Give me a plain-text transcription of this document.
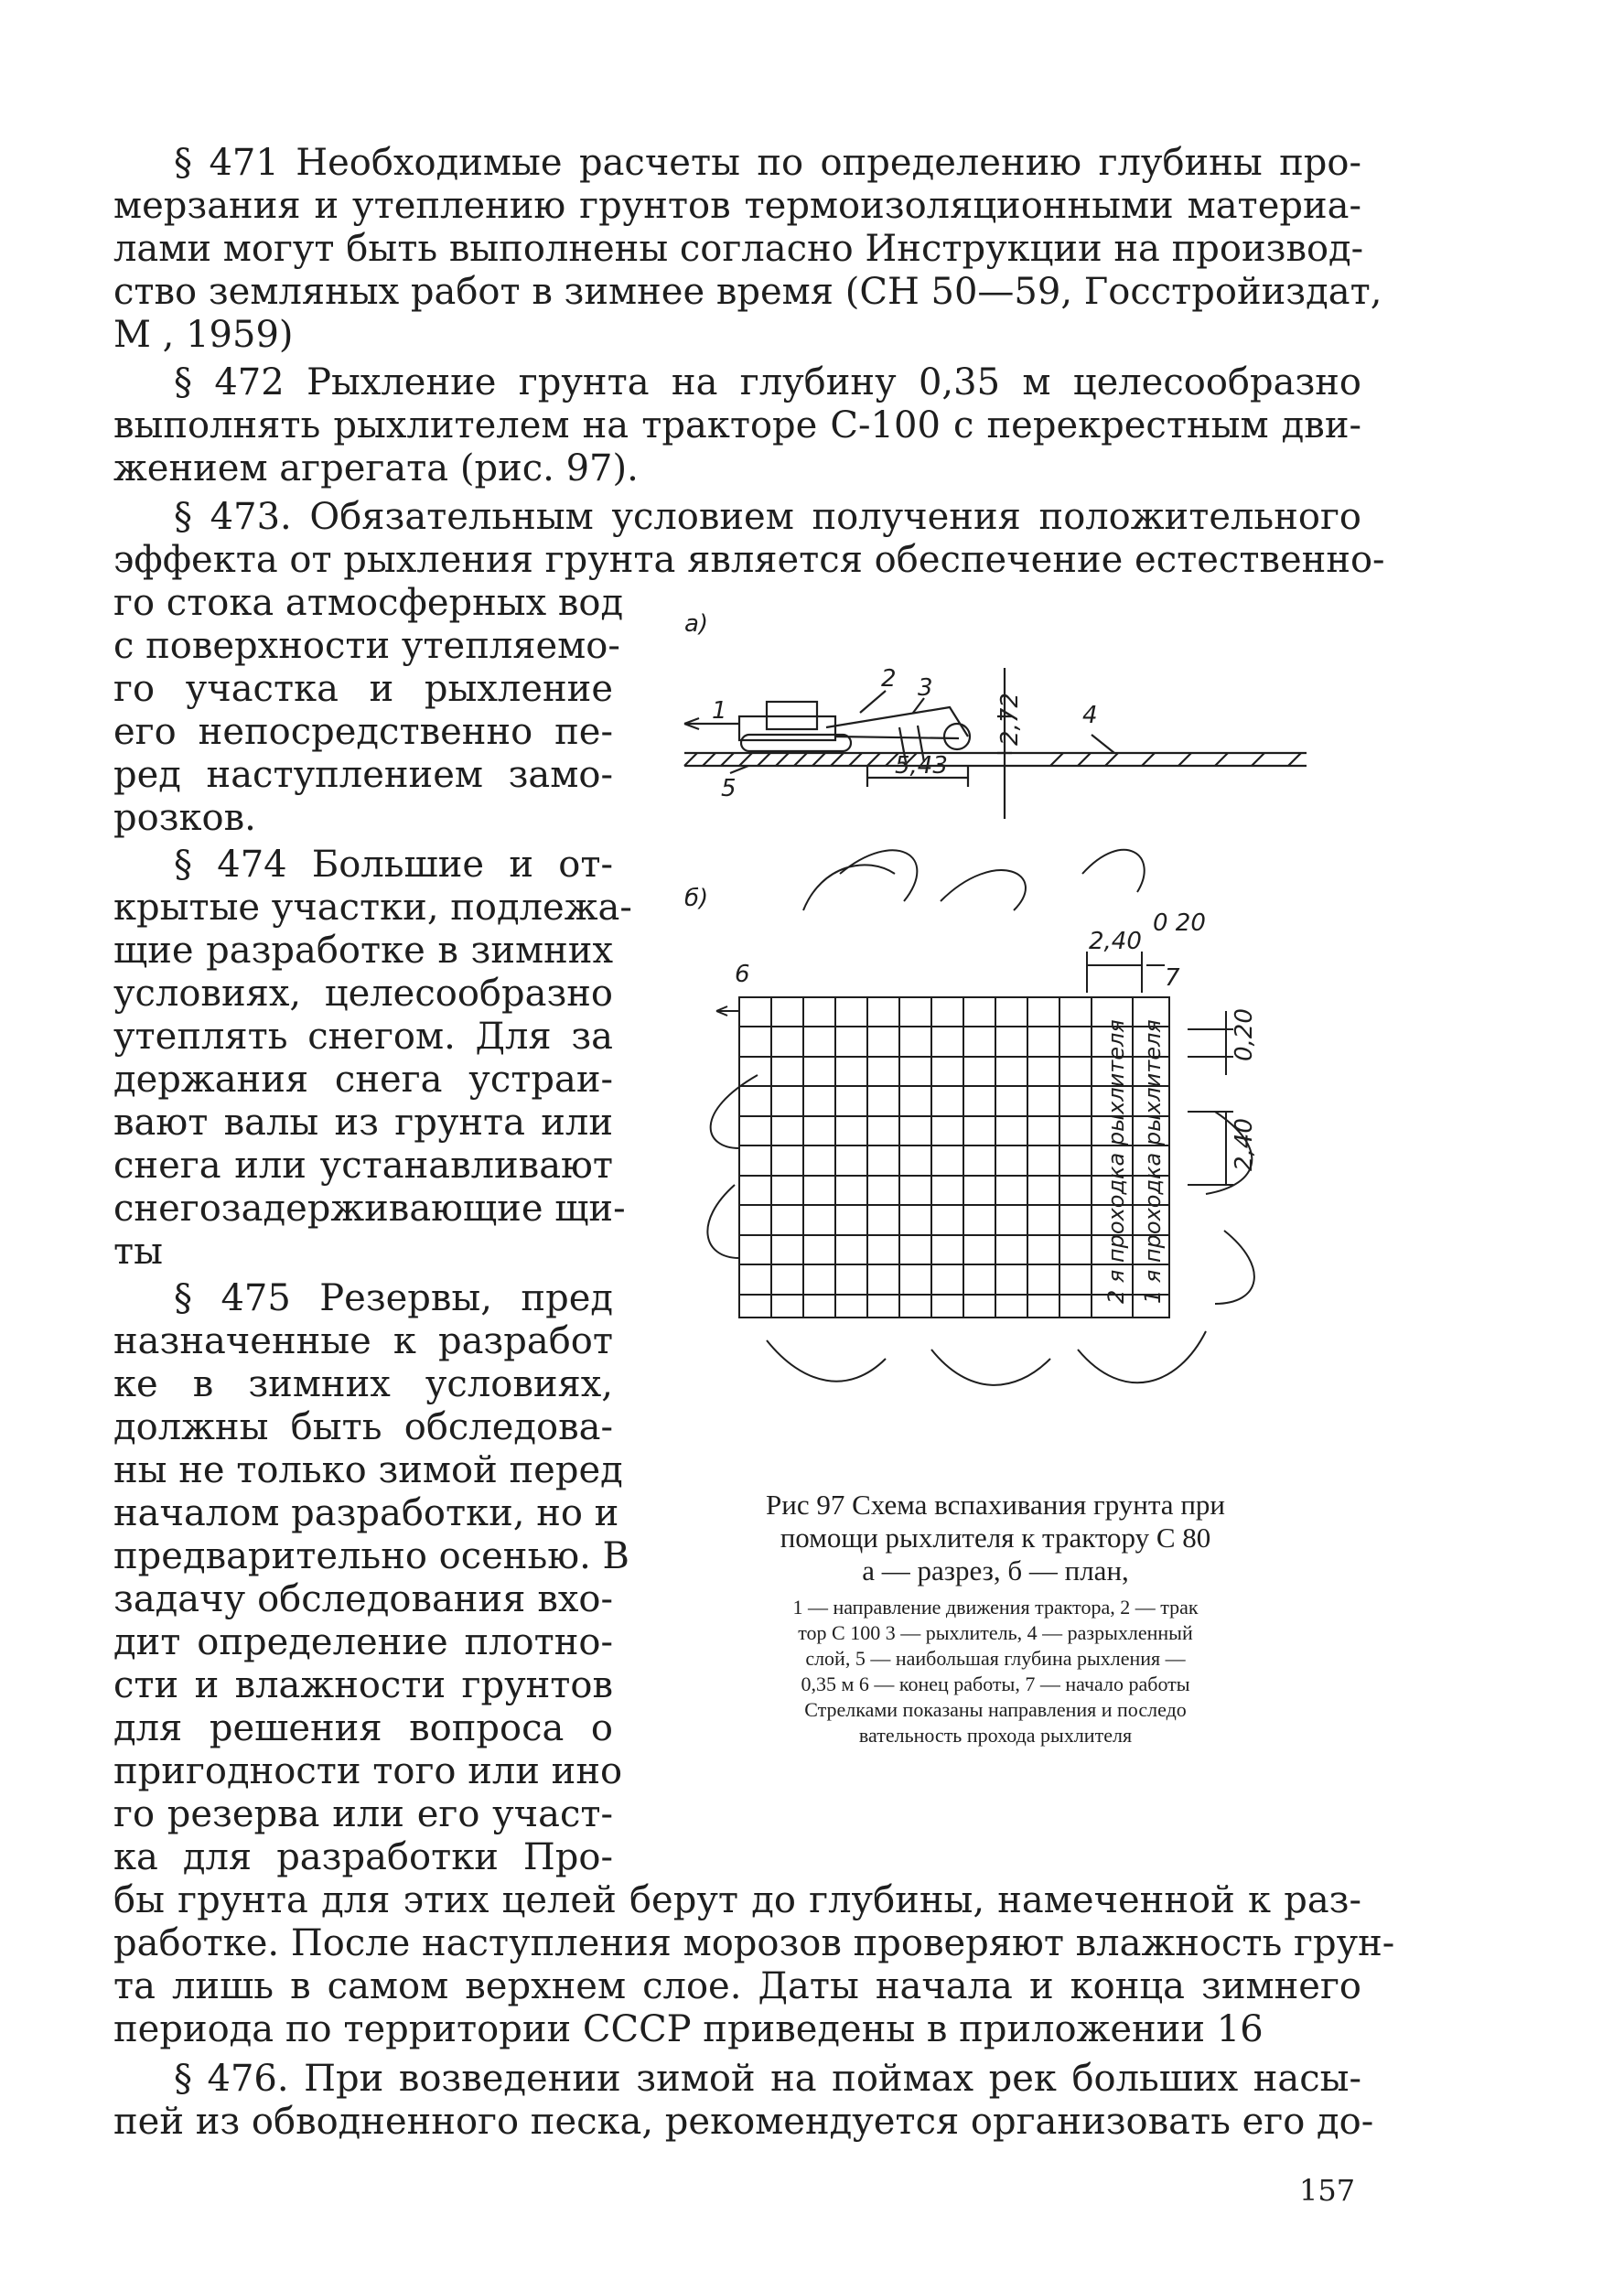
§ 471 Необходимые расчеты по определению глубины про-
мерзания и утеплению грунтов термоизоляционными материа-
лами могут быть выполнены согласно Инструкции на производ-
ство земляных работ в зимнее время (СН 50—59, Госстройиздат,
М , 1959)
§ 472 Рыхление грунта на глубину 0,35 м целесообразно
выполнять рыхлителем на тракторе С-100 с перекрестным дви-
жением агрегата (рис. 97).
§ 473. Обязательным условием получения положительного
эффекта от рыхления грунта является обеспечение естественно-
го стока атмосферных вод
с поверхности утепляемо-
го участка и рыхление
его непосредственно пе-
ред наступлением замо-
розков.
§ 474 Большие и от-
крытые участки, подлежа-
щие разработке в зимних
условиях, целесообразно
утеплять снегом. Для за
держания снега устраи-
вают валы из грунта или
снега или устанавливают
снегозадерживающие щи-
ты
§ 475 Резервы, пред
назначенные к разработ
ке в зимних условиях,
должны быть обследова-
ны не только зимой перед
началом разработки, но и
предварительно осенью. В
задачу обследования вхо-
дит определение плотно-
сти и влажности грунтов
для решения вопроса о
пригодности того или ино
го резерва или его участ-
ка для разработки Про-
а)
1
2 3
4
5
2,72
5,43
б)
6	7
2,40
0 20
0,20
2,40
2 я проходка рыхлителя 1 я проходка рыхлителя
Рис 97 Схема вспахивания грунта при
помощи рыхлителя к трактору С 80
а — разрез, б — план,
1 — направление движения трактора, 2 — трак
тор С 100 3 — рыхлитель, 4 — разрыхленный
слой, 5 — наибольшая глубина рыхления —
0,35 м 6 — конец работы, 7 — начало работы
Стрелками показаны направления и последо
вательность прохода рыхлителя
бы грунта для этих целей берут до глубины, намеченной к раз-
работке. После наступления морозов проверяют влажность грун-
та лишь в самом верхнем слое. Даты начала и конца зимнего
периода по территории СССР приведены в приложении 16
§ 476. При возведении зимой на поймах рек больших насы-
пей из обводненного песка, рекомендуется организовать его до-
157
